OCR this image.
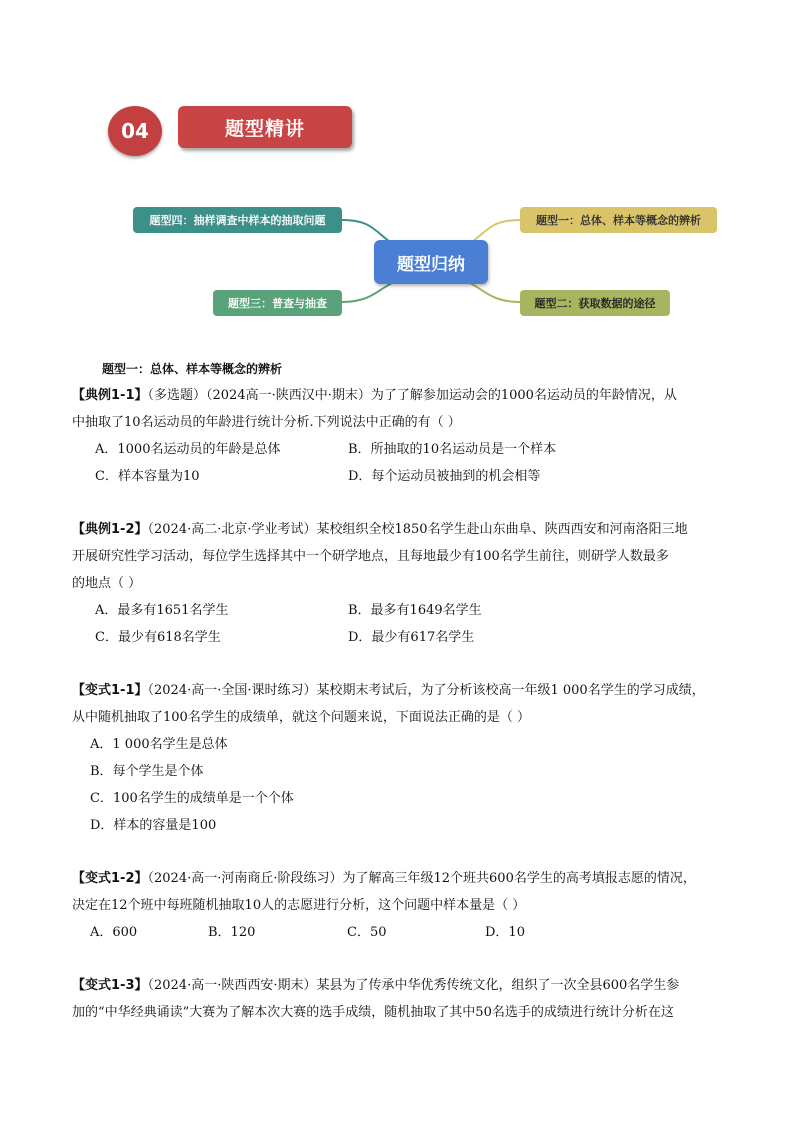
04	题型精讲
题型四：抽样调查中样本的抽取问题
题型三：普查与抽查
题型一：总体、样本等概念的辨析
题型二：获取数据的途径
题型归纳
题型一：总体、样本等概念的辨析
【典例1-1】（多选题）（2024高一·陕西汉中·期末）为了了解参加运动会的1000名运动员的年龄情况，从
中抽取了10名运动员的年龄进行统计分析.下列说法中正确的有（ ）
A．1000名运动员的年龄是总体	B．所抽取的10名运动员是一个样本
C．样本容量为10	D．每个运动员被抽到的机会相等
【典例1-2】（2024·高二·北京·学业考试）某校组织全校1850名学生赴山东曲阜、陕西西安和河南洛阳三地
开展研究性学习活动，每位学生选择其中一个研学地点，且每地最少有100名学生前往，则研学人数最多
的地点（ ）
A．最多有1651名学生	B．最多有1649名学生
C．最少有618名学生	D．最少有617名学生
【变式1-1】（2024·高一·全国·课时练习）某校期末考试后，为了分析该校高一年级1 000名学生的学习成绩，
从中随机抽取了100名学生的成绩单，就这个问题来说，下面说法正确的是（ ）
A．1 000名学生是总体
B．每个学生是个体
C．100名学生的成绩单是一个个体
D．样本的容量是100
【变式1-2】（2024·高一·河南商丘·阶段练习）为了解高三年级12个班共600名学生的高考填报志愿的情况，
决定在12个班中每班随机抽取10人的志愿进行分析，这个问题中样本量是（ ）
A．600	B．120	C．50	D．10
【变式1-3】（2024·高一·陕西西安·期末）某县为了传承中华优秀传统文化，组织了一次全县600名学生参
加的“中华经典诵读”大赛为了解本次大赛的选手成绩，随机抽取了其中50名选手的成绩进行统计分析在这
